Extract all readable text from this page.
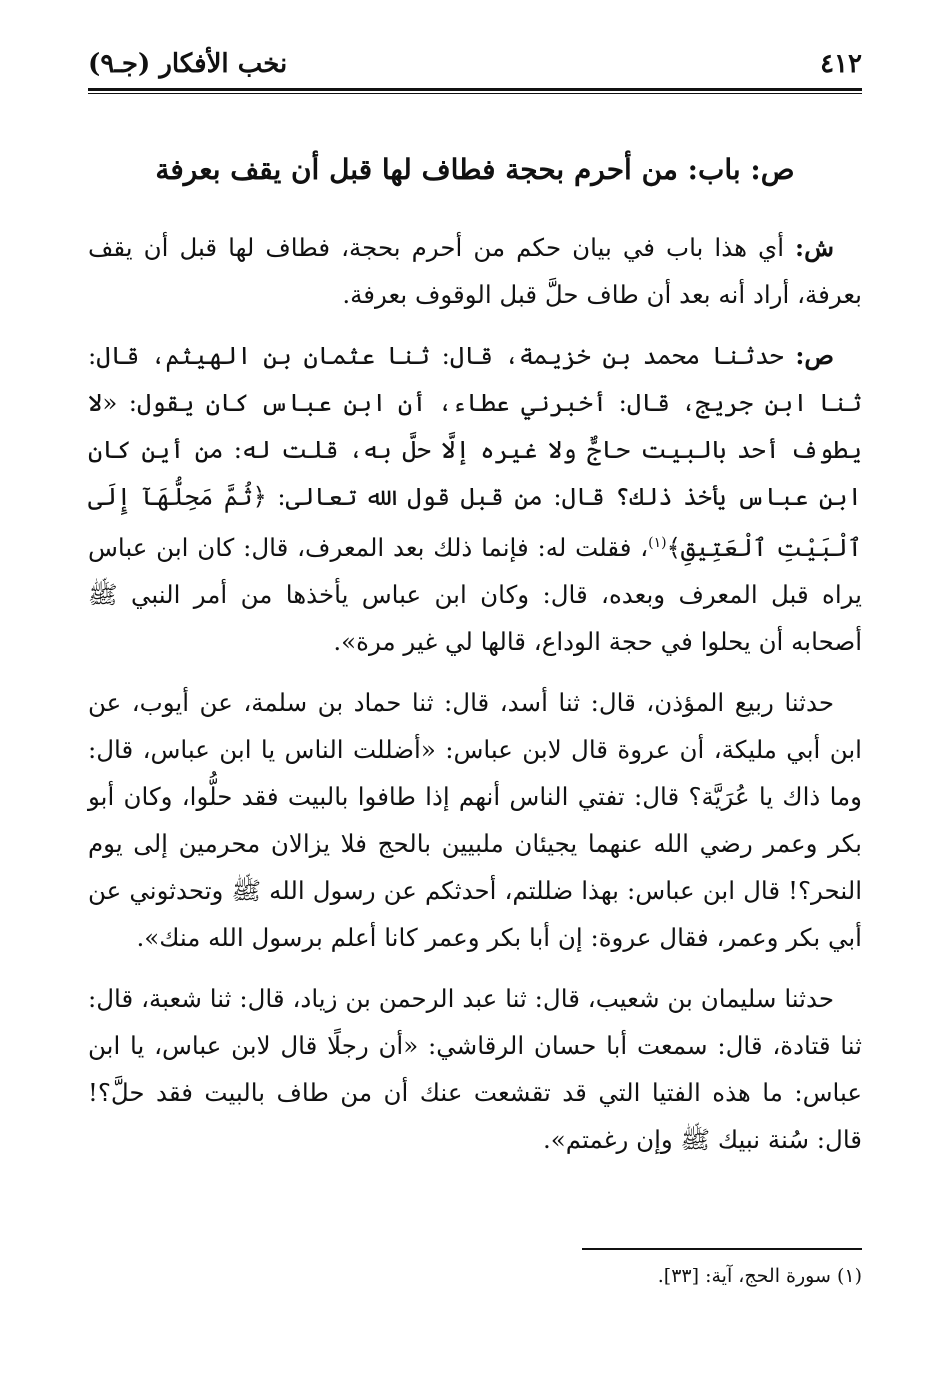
٤١٢
نخب الأفكار (جـ٩)
ص: باب: من أحرم بحجة فطاف لها قبل أن يقف بعرفة

ش: أي هذا باب في بيان حكم من أحرم بحجة، فطاف لها قبل أن يقف بعرفة، أراد أنه بعد أن طاف حلَّ قبل الوقوف بعرفة.

ص: حدثنا محمد بن خزيمة، قال: ثنا عثمان بن الهيثم، قال: ثنا ابن جريج، قال: أخبرني عطاء، أن ابن عباس كان يقول: «لا يطوف أحد بالبيت حاجٌّ ولا غيره إلَّا حلَّ به، قلت له: من أين كان ابن عباس يأخذ ذلك؟ قال: من قبل قول الله تعالى: ﴿ثُمَّ مَحِلُّهَآ إِلَى ٱلْبَيْتِ ٱلْعَتِيقِ﴾$^{(١)}$، فقلت له: فإنما ذلك بعد المعرف، قال: كان ابن عباس يراه قبل المعرف وبعده، قال: وكان ابن عباس يأخذها من أمر النبي ﷺ أصحابه أن يحلوا في حجة الوداع، قالها لي غير مرة».

حدثنا ربيع المؤذن، قال: ثنا أسد، قال: ثنا حماد بن سلمة، عن أيوب، عن ابن أبي مليكة، أن عروة قال لابن عباس: «أضللت الناس يا ابن عباس، قال: وما ذاك يا عُرَيَّة؟ قال: تفتي الناس أنهم إذا طافوا بالبيت فقد حلُّوا، وكان أبو بكر وعمر رضي الله عنهما يجيئان ملبيين بالحج فلا يزالان محرمين إلى يوم النحر؟! قال ابن عباس: بهذا ضللتم، أحدثكم عن رسول الله ﷺ وتحدثوني عن أبي بكر وعمر، فقال عروة: إن أبا بكر وعمر كانا أعلم برسول الله منك».

حدثنا سليمان بن شعيب، قال: ثنا عبد الرحمن بن زياد، قال: ثنا شعبة، قال: ثنا قتادة، قال: سمعت أبا حسان الرقاشي: «أن رجلًا قال لابن عباس، يا ابن عباس: ما هذه الفتيا التي قد تقشعت عنك أن من طاف بالبيت فقد حلَّ؟! قال: سُنة نبيك ﷺ وإن رغمتم».

(١) سورة الحج، آية: [٣٣].
